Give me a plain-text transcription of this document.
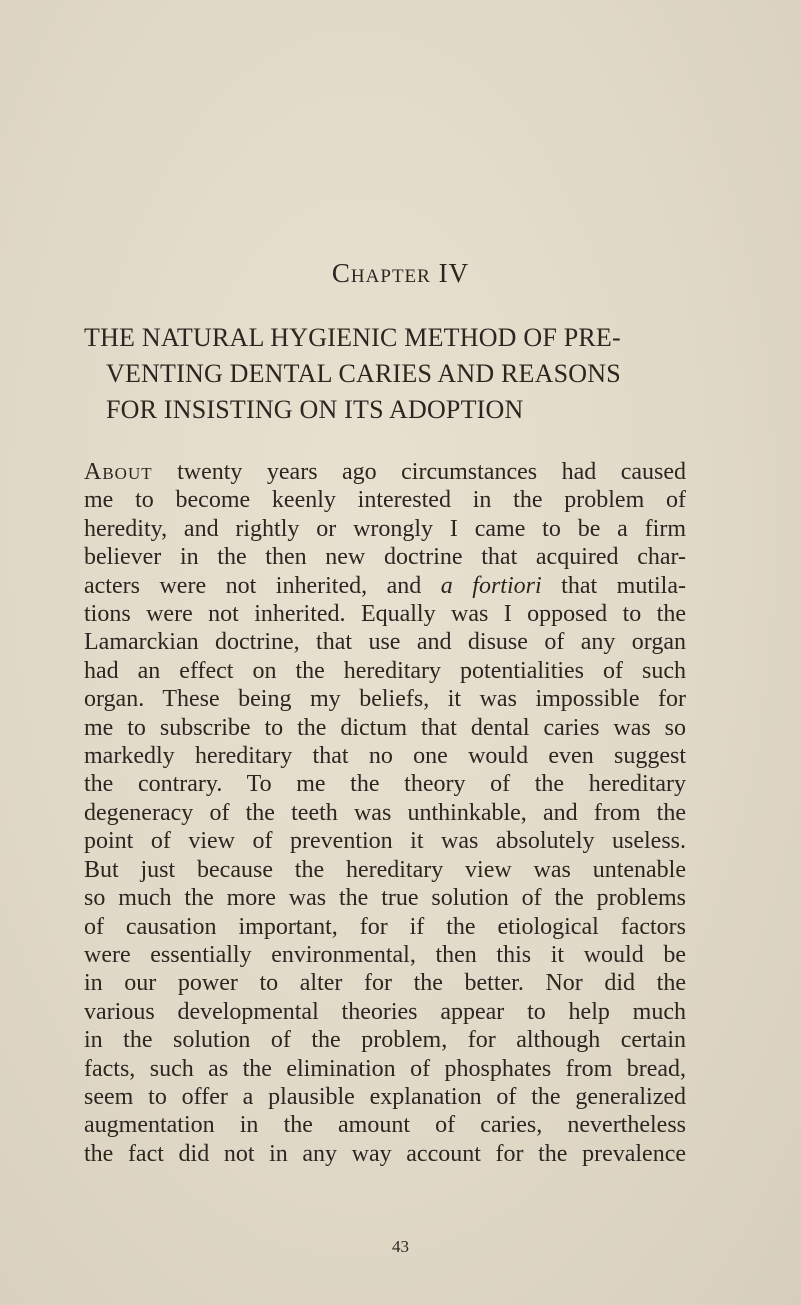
Chapter IV
THE NATURAL HYGIENIC METHOD OF PRE-
VENTING DENTAL CARIES AND REASONS
FOR INSISTING ON ITS ADOPTION
About twenty years ago circumstances had caused
me to become keenly interested in the problem of
heredity, and rightly or wrongly I came to be a firm
believer in the then new doctrine that acquired char-
acters were not inherited, and a fortiori that mutila-
tions were not inherited. Equally was I opposed to the
Lamarckian doctrine, that use and disuse of any organ
had an effect on the hereditary potentialities of such
organ. These being my beliefs, it was impossible for
me to subscribe to the dictum that dental caries was so
markedly hereditary that no one would even suggest
the contrary. To me the theory of the hereditary
degeneracy of the teeth was unthinkable, and from the
point of view of prevention it was absolutely useless.
But just because the hereditary view was untenable
so much the more was the true solution of the problems
of causation important, for if the etiological factors
were essentially environmental, then this it would be
in our power to alter for the better. Nor did the
various developmental theories appear to help much
in the solution of the problem, for although certain
facts, such as the elimination of phosphates from bread,
seem to offer a plausible explanation of the generalized
augmentation in the amount of caries, nevertheless
the fact did not in any way account for the prevalence
43
